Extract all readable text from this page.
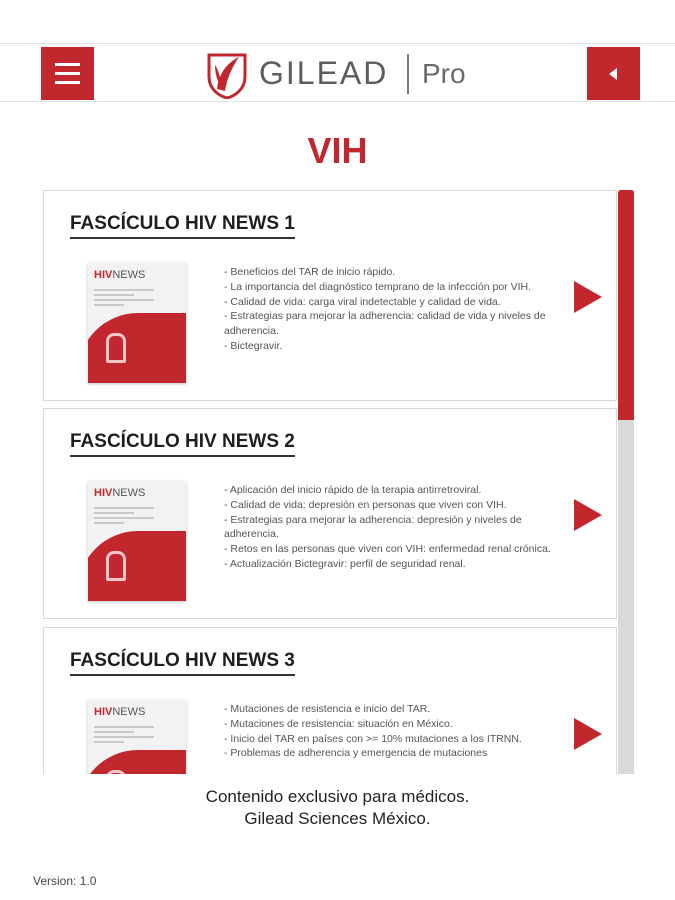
GILEAD Pro
VIH
FASCÍCULO HIV NEWS 1
HIVNEWS	- Beneficios del TAR de inicio rápido.
- La importancia del diagnóstico temprano de la infección por VIH.
- Calidad de vida: carga viral indetectable y calidad de vida.
- Estrategias para mejorar la adherencia: calidad de vida y niveles de adherencia.
- Bictegravir.
FASCÍCULO HIV NEWS 2
HIVNEWS	- Aplicación del inicio rápido de la terapia antirretroviral.
- Calidad de vida: depresión en personas que viven con VIH.
- Estrategias para mejorar la adherencia: depresión y niveles de adherencia.
- Retos en las personas que viven con VIH: enfermedad renal crónica.
- Actualización Bictegravir: perfil de seguridad renal.
FASCÍCULO HIV NEWS 3
HIVNEWS	- Mutaciones de resistencia e inicio del TAR.
- Mutaciones de resistencia: situación en México.
- Inicio del TAR en países con >= 10% mutaciones a los ITRNN.
- Problemas de adherencia y emergencia de mutaciones
Contenido exclusivo para médicos.
Gilead Sciences México.
Version: 1.0
